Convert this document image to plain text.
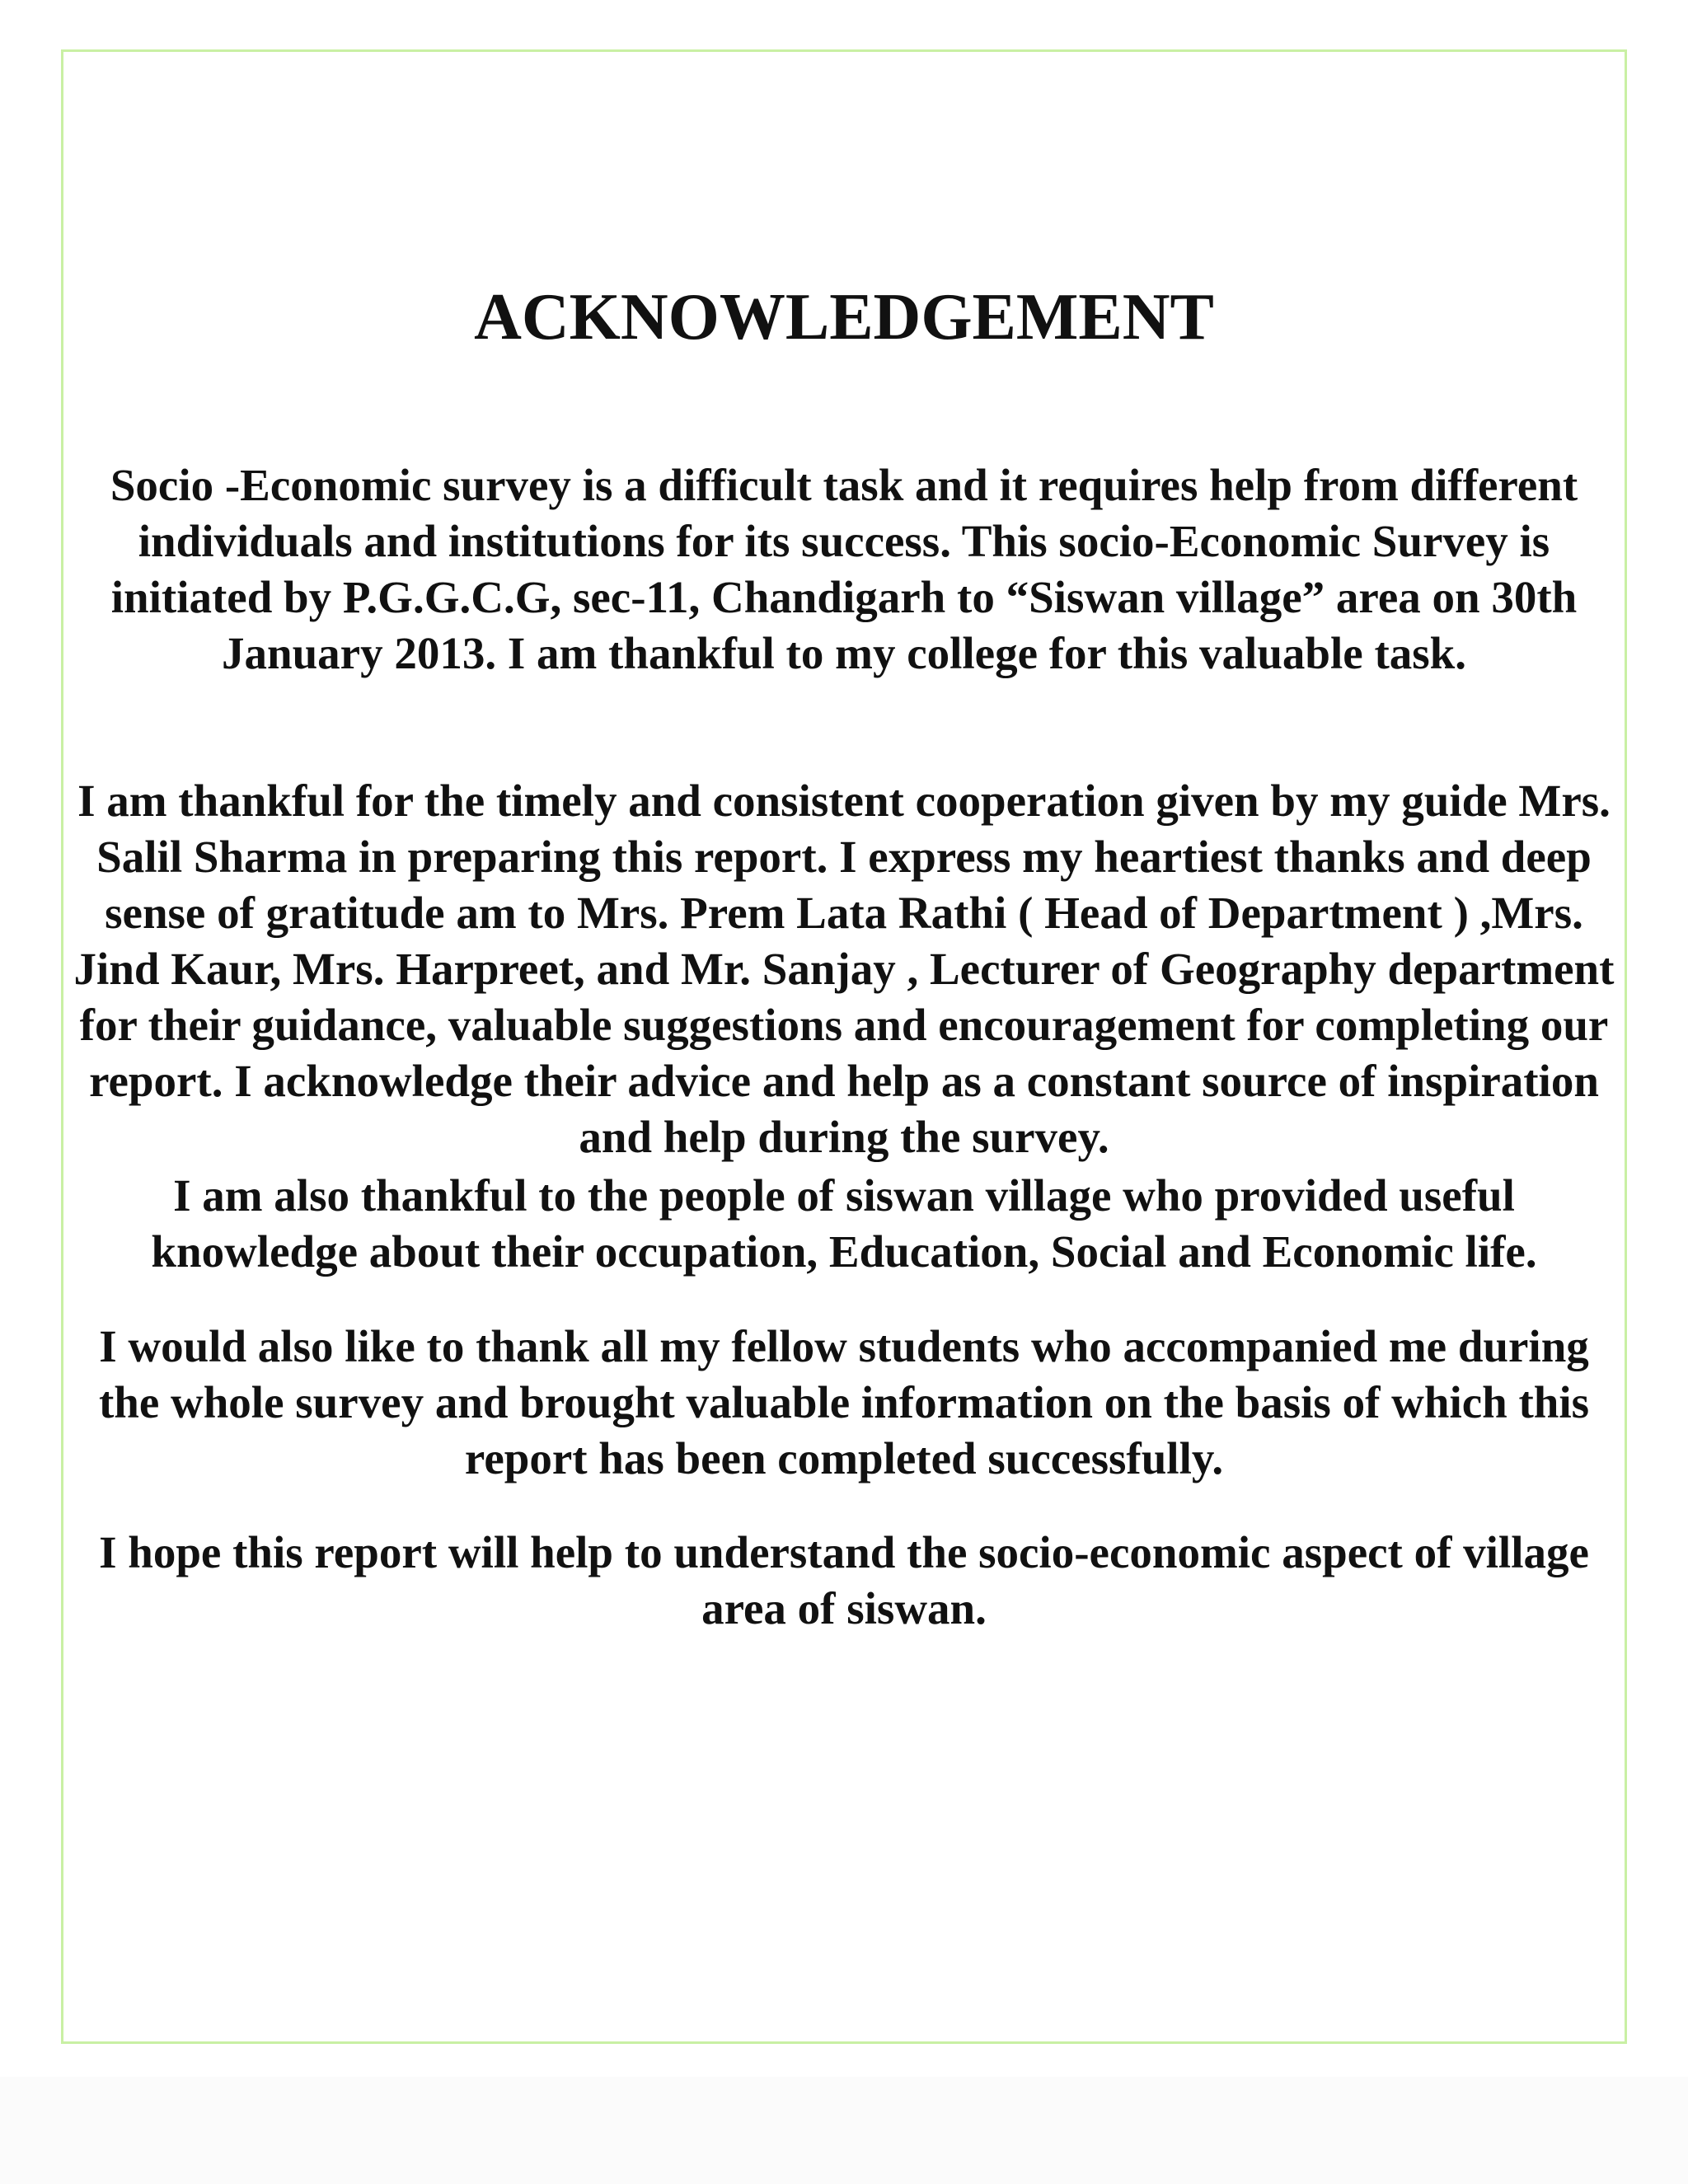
ACKNOWLEDGEMENT

Socio -Economic survey is a difficult task and it requires help from different individuals and institutions for its success. This socio-Economic Survey is initiated by P.G.G.C.G, sec-11, Chandigarh to “Siswan village” area on 30th January 2013. I am thankful to my college for this valuable task.

I am thankful for the timely and consistent cooperation given by my guide Mrs. Salil Sharma in preparing this report. I express my heartiest thanks and deep sense of gratitude am to Mrs. Prem Lata Rathi ( Head of Department ) ,Mrs. Jind Kaur, Mrs. Harpreet, and Mr. Sanjay , Lecturer of Geography department for their guidance, valuable suggestions and encouragement for completing our report. I acknowledge their advice and help as a constant source of inspiration and help during the survey.

I am also thankful to the people of siswan village who provided useful knowledge about their occupation, Education, Social and Economic life.

I would also like to thank all my fellow students who accompanied me during the whole survey and brought valuable information on the basis of which this report has been completed successfully.

I hope this report will help to understand the socio-economic aspect of village area of siswan.
